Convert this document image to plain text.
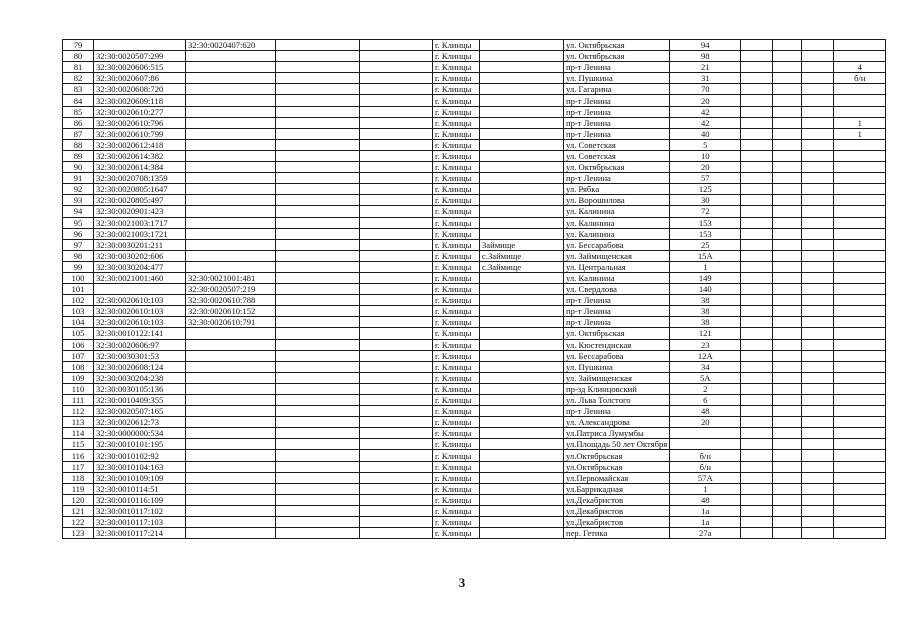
79		32:30:0020407:620			г. Клинцы		ул. Октябрьская	94				
80	32:30:0020507:299				г. Клинцы		ул. Октябрьская	98				
81	32:30:0020606:515				г. Клинцы		пр-т Ленина	21				4
82	32:30:0020607:86				г. Клинцы		ул. Пушкина	31				б/н
83	32:30:0020608:720				г. Клинцы		ул. Гагарина	70				
84	32:30:0020609:118				г. Клинцы		пр-т Ленина	20				
85	32:30:0020610:277				г. Клинцы		пр-т Ленина	42				
86	32:30:0020610:796				г. Клинцы		пр-т Ленина	42				1
87	32:30:0020610:799				г. Клинцы		пр-т Ленина	40				1
88	32:30:0020612:418				г. Клинцы		ул. Советская	5				
89	32:30:0020614:382				г. Клинцы		ул. Советская	10				
90	32:30:0020614:384				г. Клинцы		ул. Октябрьская	20				
91	32:30:0020708:1359				г. Клинцы		пр-т Ленина	57				
92	32:30:0020805:1647				г. Клинцы		ул. Рябка	125				
93	32:30:0020805:497				г. Клинцы		ул. Ворошилова	30				
94	32:30:0020901:423				г. Клинцы		ул. Калинина	72				
95	32:30:0021003:1717				г. Клинцы		ул. Калинина	153				
96	32:30:0021003:1721				г. Клинцы		ул. Калинина	153				
97	32:30:0030201:211				г. Клинцы	Займище	ул. Бессарабова	25				
98	32:30:0030202:606				г. Клинцы	с.Займище	ул. Займищенская	15А				
99	32:30:0030204:477				г. Клинцы	с.Займище	ул. Центральная	1				
100	32:30:0021001:460	32:30:0021001:481			г. Клинцы		ул. Калинина	149				
101		32:30:0020507:219			г. Клинцы		ул. Свердлова	140				
102	32:30:0020610:103	32:30:0020610:788			г. Клинцы		пр-т Ленина	38				
103	32:30:0020610:103	32:30:0020610:152			г. Клинцы		пр-т Ленина	38				
104	32:30:0020610:103	32:30:0020610:791			г. Клинцы		пр-т Ленина	38				
105	32:30:0010122:141				г. Клинцы		ул. Октябрьская	121				
106	32:30:0020606:97				г. Клинцы		ул. Кюстендиская	23				
107	32:30:0030301:53				г. Клинцы		ул. Бессарабова	12А				
108	32:30:0020608:124				г. Клинцы		ул. Пушкина	34				
109	32:30:0030204:238				г. Клинцы		ул. Займищенская	5А				
110	32:30:0030105:136				г. Клинцы		пр-зд Клинцовский	2				
111	32:30:0010409:355				г. Клинцы		ул. Льва Толстого	6				
112	32:30:0020507:165				г. Клинцы		пр-т Ленина	48				
113	32:30:0020612:73				г. Клинцы		ул. Александрова	20				
114	32:30:0000000:534				г. Клинцы		ул.Патриса Лумумбы					
115	32:30:0010101:195				г. Клинцы		ул.Площадь 50 лет Октября					
116	32:30:0010102:92				г. Клинцы		ул.Октябрьская	б/н				
117	32:30:0010104:163				г. Клинцы		ул.Октябрьская	б/н				
118	32:30:0010109:109				г. Клинцы		ул.Первомайская	57А				
119	32:30:0010114:51				г. Клинцы		ул.Баррикадная	1				
120	32:30:0010116:109				г. Клинцы		ул.Декабристов	48				
121	32:30:0010117:102				г. Клинцы		ул.Декабристов	1а				
122	32:30:0010117:103				г. Клинцы		ул.Декабристов	1а				
123	32:30:0010117:214				г. Клинцы		пер. Гетика	27а				
3
